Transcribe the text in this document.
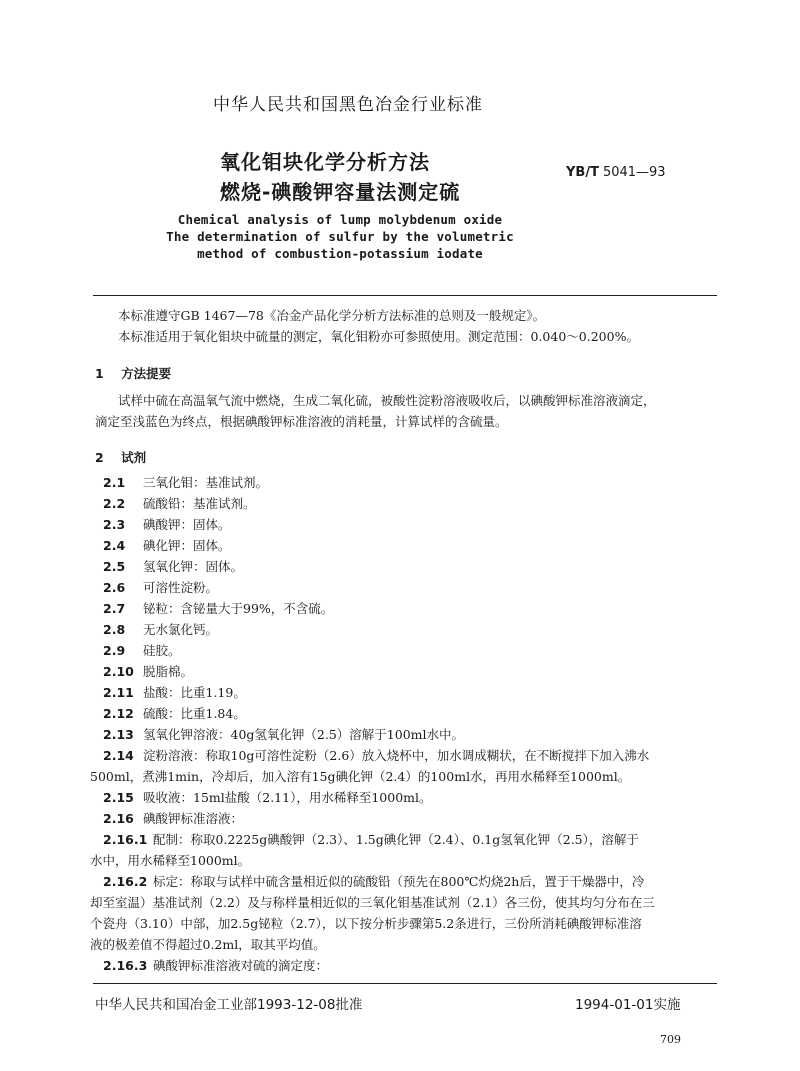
中华人民共和国黑色冶金行业标准
氧化钼块化学分析方法
燃烧-碘酸钾容量法测定硫
YB/T 5041—93
Chemical analysis of lump molybdenum oxide
The determination of sulfur by the volumetric
method of combustion-potassium iodate
本标准遵守GB 1467—78《冶金产品化学分析方法标准的总则及一般规定》。
本标准适用于氧化钼块中硫量的测定，氧化钼粉亦可参照使用。测定范围：0.040～0.200%。
1 方法提要
试样中硫在高温氧气流中燃烧，生成二氧化硫，被酸性淀粉溶液吸收后，以碘酸钾标准溶液滴定，
滴定至浅蓝色为终点，根据碘酸钾标准溶液的消耗量，计算试样的含硫量。
2 试剂
2.1 三氧化钼：基准试剂。
2.2 硫酸铅：基准试剂。
2.3 碘酸钾：固体。
2.4 碘化钾：固体。
2.5 氢氧化钾：固体。
2.6 可溶性淀粉。
2.7 铋粒：含铋量大于99%，不含硫。
2.8 无水氯化钙。
2.9 硅胶。
2.10 脱脂棉。
2.11 盐酸：比重1.19。
2.12 硫酸：比重1.84。
2.13 氢氧化钾溶液：40g氢氧化钾（2.5）溶解于100ml水中。
2.14 淀粉溶液：称取10g可溶性淀粉（2.6）放入烧杯中，加水调成糊状，在不断搅拌下加入沸水
500ml，煮沸1min，冷却后，加入溶有15g碘化钾（2.4）的100ml水，再用水稀释至1000ml。
2.15 吸收液：15ml盐酸（2.11），用水稀释至1000ml。
2.16 碘酸钾标准溶液：
2.16.1 配制：称取0.2225g碘酸钾（2.3）、1.5g碘化钾（2.4）、0.1g氢氧化钾（2.5），溶解于
水中，用水稀释至1000ml。
2.16.2 标定：称取与试样中硫含量相近似的硫酸铅（预先在800℃灼烧2h后，置于干燥器中，冷
却至室温）基准试剂（2.2）及与称样量相近似的三氧化钼基准试剂（2.1）各三份，使其均匀分布在三
个瓷舟（3.10）中部，加2.5g铋粒（2.7），以下按分析步骤第5.2条进行，三份所消耗碘酸钾标准溶
液的极差值不得超过0.2ml，取其平均值。
2.16.3 碘酸钾标准溶液对硫的滴定度：
中华人民共和国冶金工业部1993-12-08批准	1994-01-01实施
709
